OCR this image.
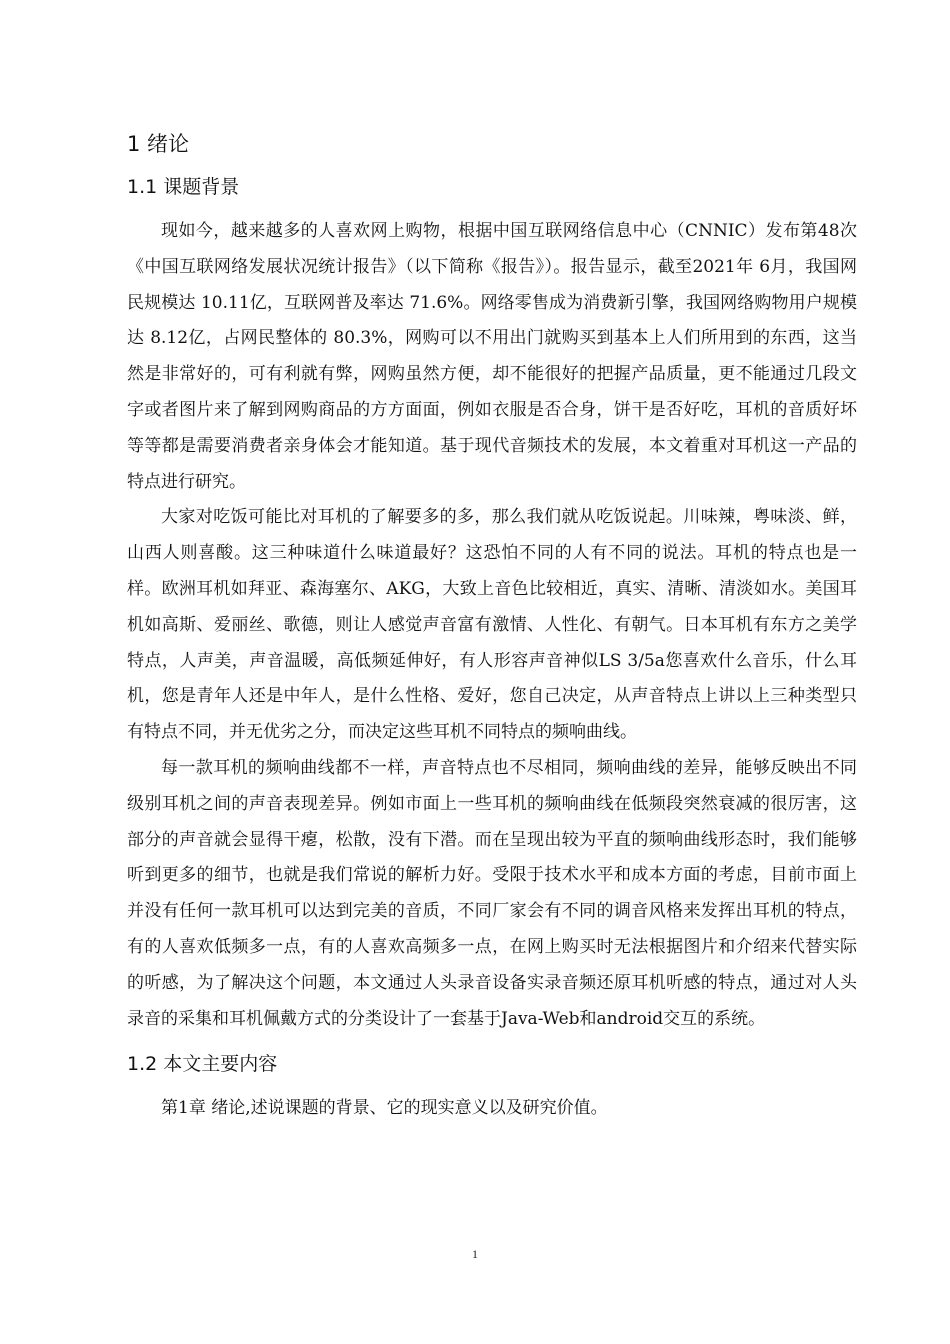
1 绪论
1.1 课题背景

现如今，越来越多的人喜欢网上购物，根据中国互联网络信息中心（CNNIC）发布第48次《中国互联网络发展状况统计报告》（以下简称《报告》）。报告显示，截至2021年 6月，我国网民规模达 10.11亿，互联网普及率达 71.6%。网络零售成为消费新引擎，我国网络购物用户规模达 8.12亿，占网民整体的 80.3%，网购可以不用出门就购买到基本上人们所用到的东西，这当然是非常好的，可有利就有弊，网购虽然方便，却不能很好的把握产品质量，更不能通过几段文字或者图片来了解到网购商品的方方面面，例如衣服是否合身，饼干是否好吃，耳机的音质好坏等等都是需要消费者亲身体会才能知道。基于现代音频技术的发展，本文着重对耳机这一产品的特点进行研究。

大家对吃饭可能比对耳机的了解要多的多，那么我们就从吃饭说起。川味辣，粤味淡、鲜，山西人则喜酸。这三种味道什么味道最好？这恐怕不同的人有不同的说法。耳机的特点也是一样。欧洲耳机如拜亚、森海塞尔、AKG，大致上音色比较相近，真实、清晰、清淡如水。美国耳机如高斯、爱丽丝、歌德，则让人感觉声音富有激情、人性化、有朝气。日本耳机有东方之美学特点，人声美，声音温暖，高低频延伸好，有人形容声音神似LS 3/5a您喜欢什么音乐，什么耳机，您是青年人还是中年人，是什么性格、爱好，您自己决定，从声音特点上讲以上三种类型只有特点不同，并无优劣之分，而决定这些耳机不同特点的频响曲线。

每一款耳机的频响曲线都不一样，声音特点也不尽相同，频响曲线的差异，能够反映出不同级别耳机之间的声音表现差异。例如市面上一些耳机的频响曲线在低频段突然衰减的很厉害，这部分的声音就会显得干瘪，松散，没有下潜。而在呈现出较为平直的频响曲线形态时，我们能够听到更多的细节，也就是我们常说的解析力好。受限于技术水平和成本方面的考虑，目前市面上并没有任何一款耳机可以达到完美的音质，不同厂家会有不同的调音风格来发挥出耳机的特点，有的人喜欢低频多一点，有的人喜欢高频多一点，在网上购买时无法根据图片和介绍来代替实际的听感，为了解决这个问题，本文通过人头录音设备实录音频还原耳机听感的特点，通过对人头录音的采集和耳机佩戴方式的分类设计了一套基于Java-Web和android交互的系统。

1.2 本文主要内容

第1章 绪论,述说课题的背景、它的现实意义以及研究价值。

1
